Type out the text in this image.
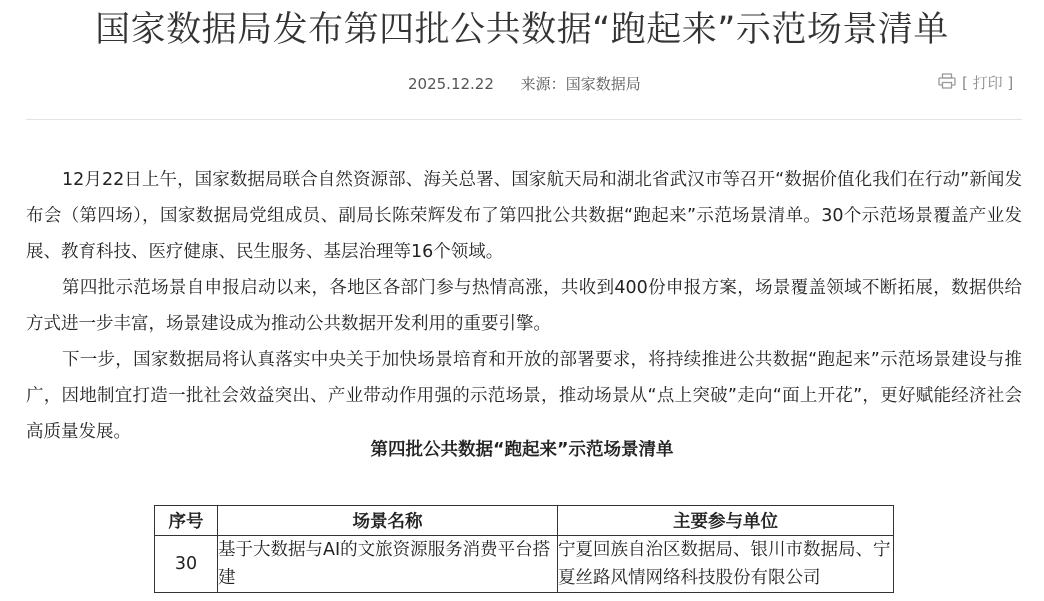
国家数据局发布第四批公共数据“跑起来”示范场景清单
2025.12.22 来源：国家数据局	[ 打印 ]

12月22日上午，国家数据局联合自然资源部、海关总署、国家航天局和湖北省武汉市等召开“数据价值化我们在行动”新闻发布会（第四场），国家数据局党组成员、副局长陈荣辉发布了第四批公共数据“跑起来”示范场景清单。30个示范场景覆盖产业发展、教育科技、医疗健康、民生服务、基层治理等16个领域。

第四批示范场景自申报启动以来，各地区各部门参与热情高涨，共收到400份申报方案，场景覆盖领域不断拓展，数据供给方式进一步丰富，场景建设成为推动公共数据开发利用的重要引擎。

下一步，国家数据局将认真落实中央关于加快场景培育和开放的部署要求，将持续推进公共数据“跑起来”示范场景建设与推广，因地制宜打造一批社会效益突出、产业带动作用强的示范场景，推动场景从“点上突破”走向“面上开花”，更好赋能经济社会高质量发展。

第四批公共数据“跑起来”示范场景清单
序号	场景名称	主要参与单位
30	基于大数据与AI的文旅资源服务消费平台搭建	宁夏回族自治区数据局、银川市数据局、宁夏丝路风情网络科技股份有限公司
